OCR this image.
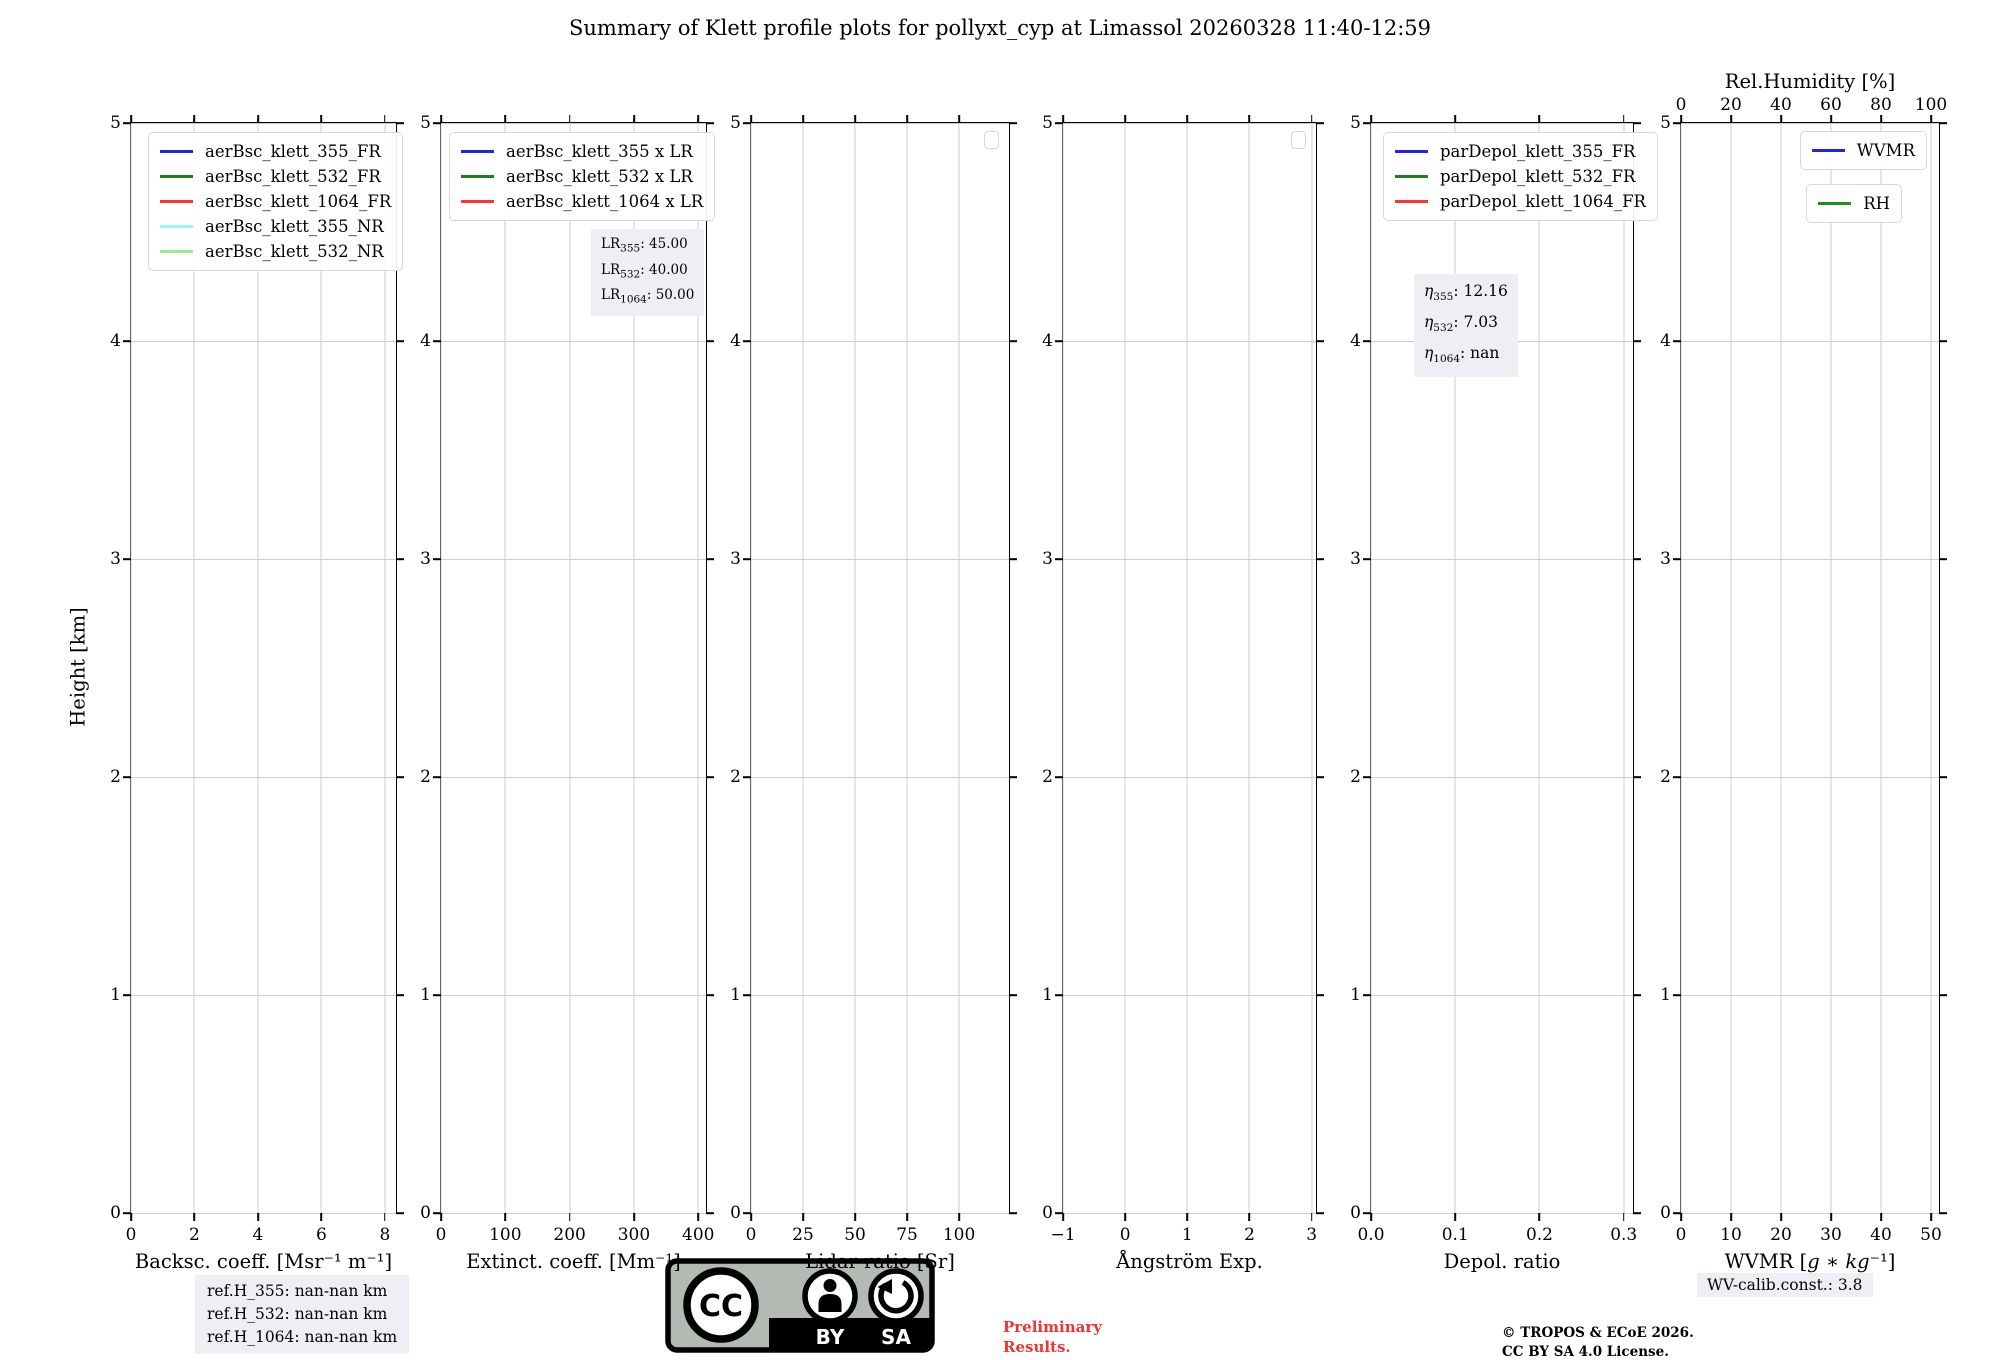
Summary of Klett profile plots for pollyxt_cyp at Limassol 20260328 11:40-12:59
Height [km]
aerBsc_klett_355_FR
aerBsc_klett_532_FR
aerBsc_klett_1064_FR
aerBsc_klett_355_NR
aerBsc_klett_532_NR
Backsc. coeff. [Msr⁻¹ m⁻¹]
0	2	4	6	8
0
1
2
3
4
5
aerBsc_klett_355 x LR
aerBsc_klett_532 x LR
aerBsc_klett_1064 x LR
$LR_{355}$: 45.00
$LR_{532}$: 40.00
$LR_{1064}$: 50.00
Extinct. coeff. [Mm⁻¹]
0	100 200 300 400
0
1
2
3
4
5
Lidar ratio [Sr]
0 25 50 75 100
0
1
2
3
4
5
Ångström Exp.
−1	0	1	2	3
0
1
2
3
4
5
parDepol_klett_355_FR
parDepol_klett_532_FR
parDepol_klett_1064_FR
$\eta_{355}$: 12.16
$\eta_{532}$: 7.03
$\eta_{1064}$: nan
Depol. ratio
0.0	0.1	0.2	0.3
0
1
2
3
4
5
Rel.Humidity [%]
WVMR
RH
WVMR [g ∗ kg⁻¹]
0 10 20 30 40 50
0
1
2
3
4
5
0 20 40 60 80 100
ref.H_355: nan-nan km
ref.H_532: nan-nan km
ref.H_1064: nan-nan km
CC
BY SA	Preliminary
Results.
© TROPOS & ECoE 2026.
CC BY SA 4.0 License.
WV-calib.const.: 3.8
